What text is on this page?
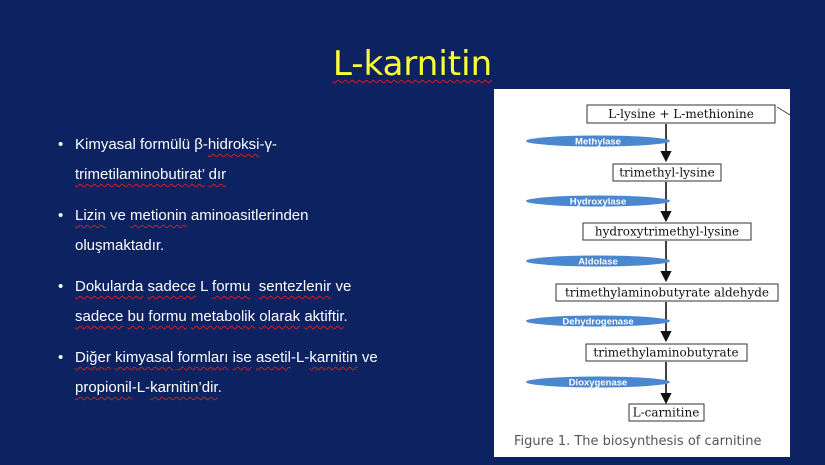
L-karnitin
• Kimyasal formülü β-hidroksi-γ-
trimetilaminobutirat’ dır
• Lizin ve metionin aminoasitlerinden
oluşmaktadır.
• Dokularda sadece L formu sentezlenir ve
sadece bu formu metabolik olarak aktiftir.
• Diğer kimyasal formları ise asetil-L-karnitin ve
propionil-L-karnitin’dir.
L-lysine + L-methionine
Methylase
trimethyl-lysine
Hydroxylase
hydroxytrimethyl-lysine
Aldolase
trimethylaminobutyrate aldehyde
Dehydrogenase
trimethylaminobutyrate
Dioxygenase
L-carnitine
Figure 1. The biosynthesis of carnitine
